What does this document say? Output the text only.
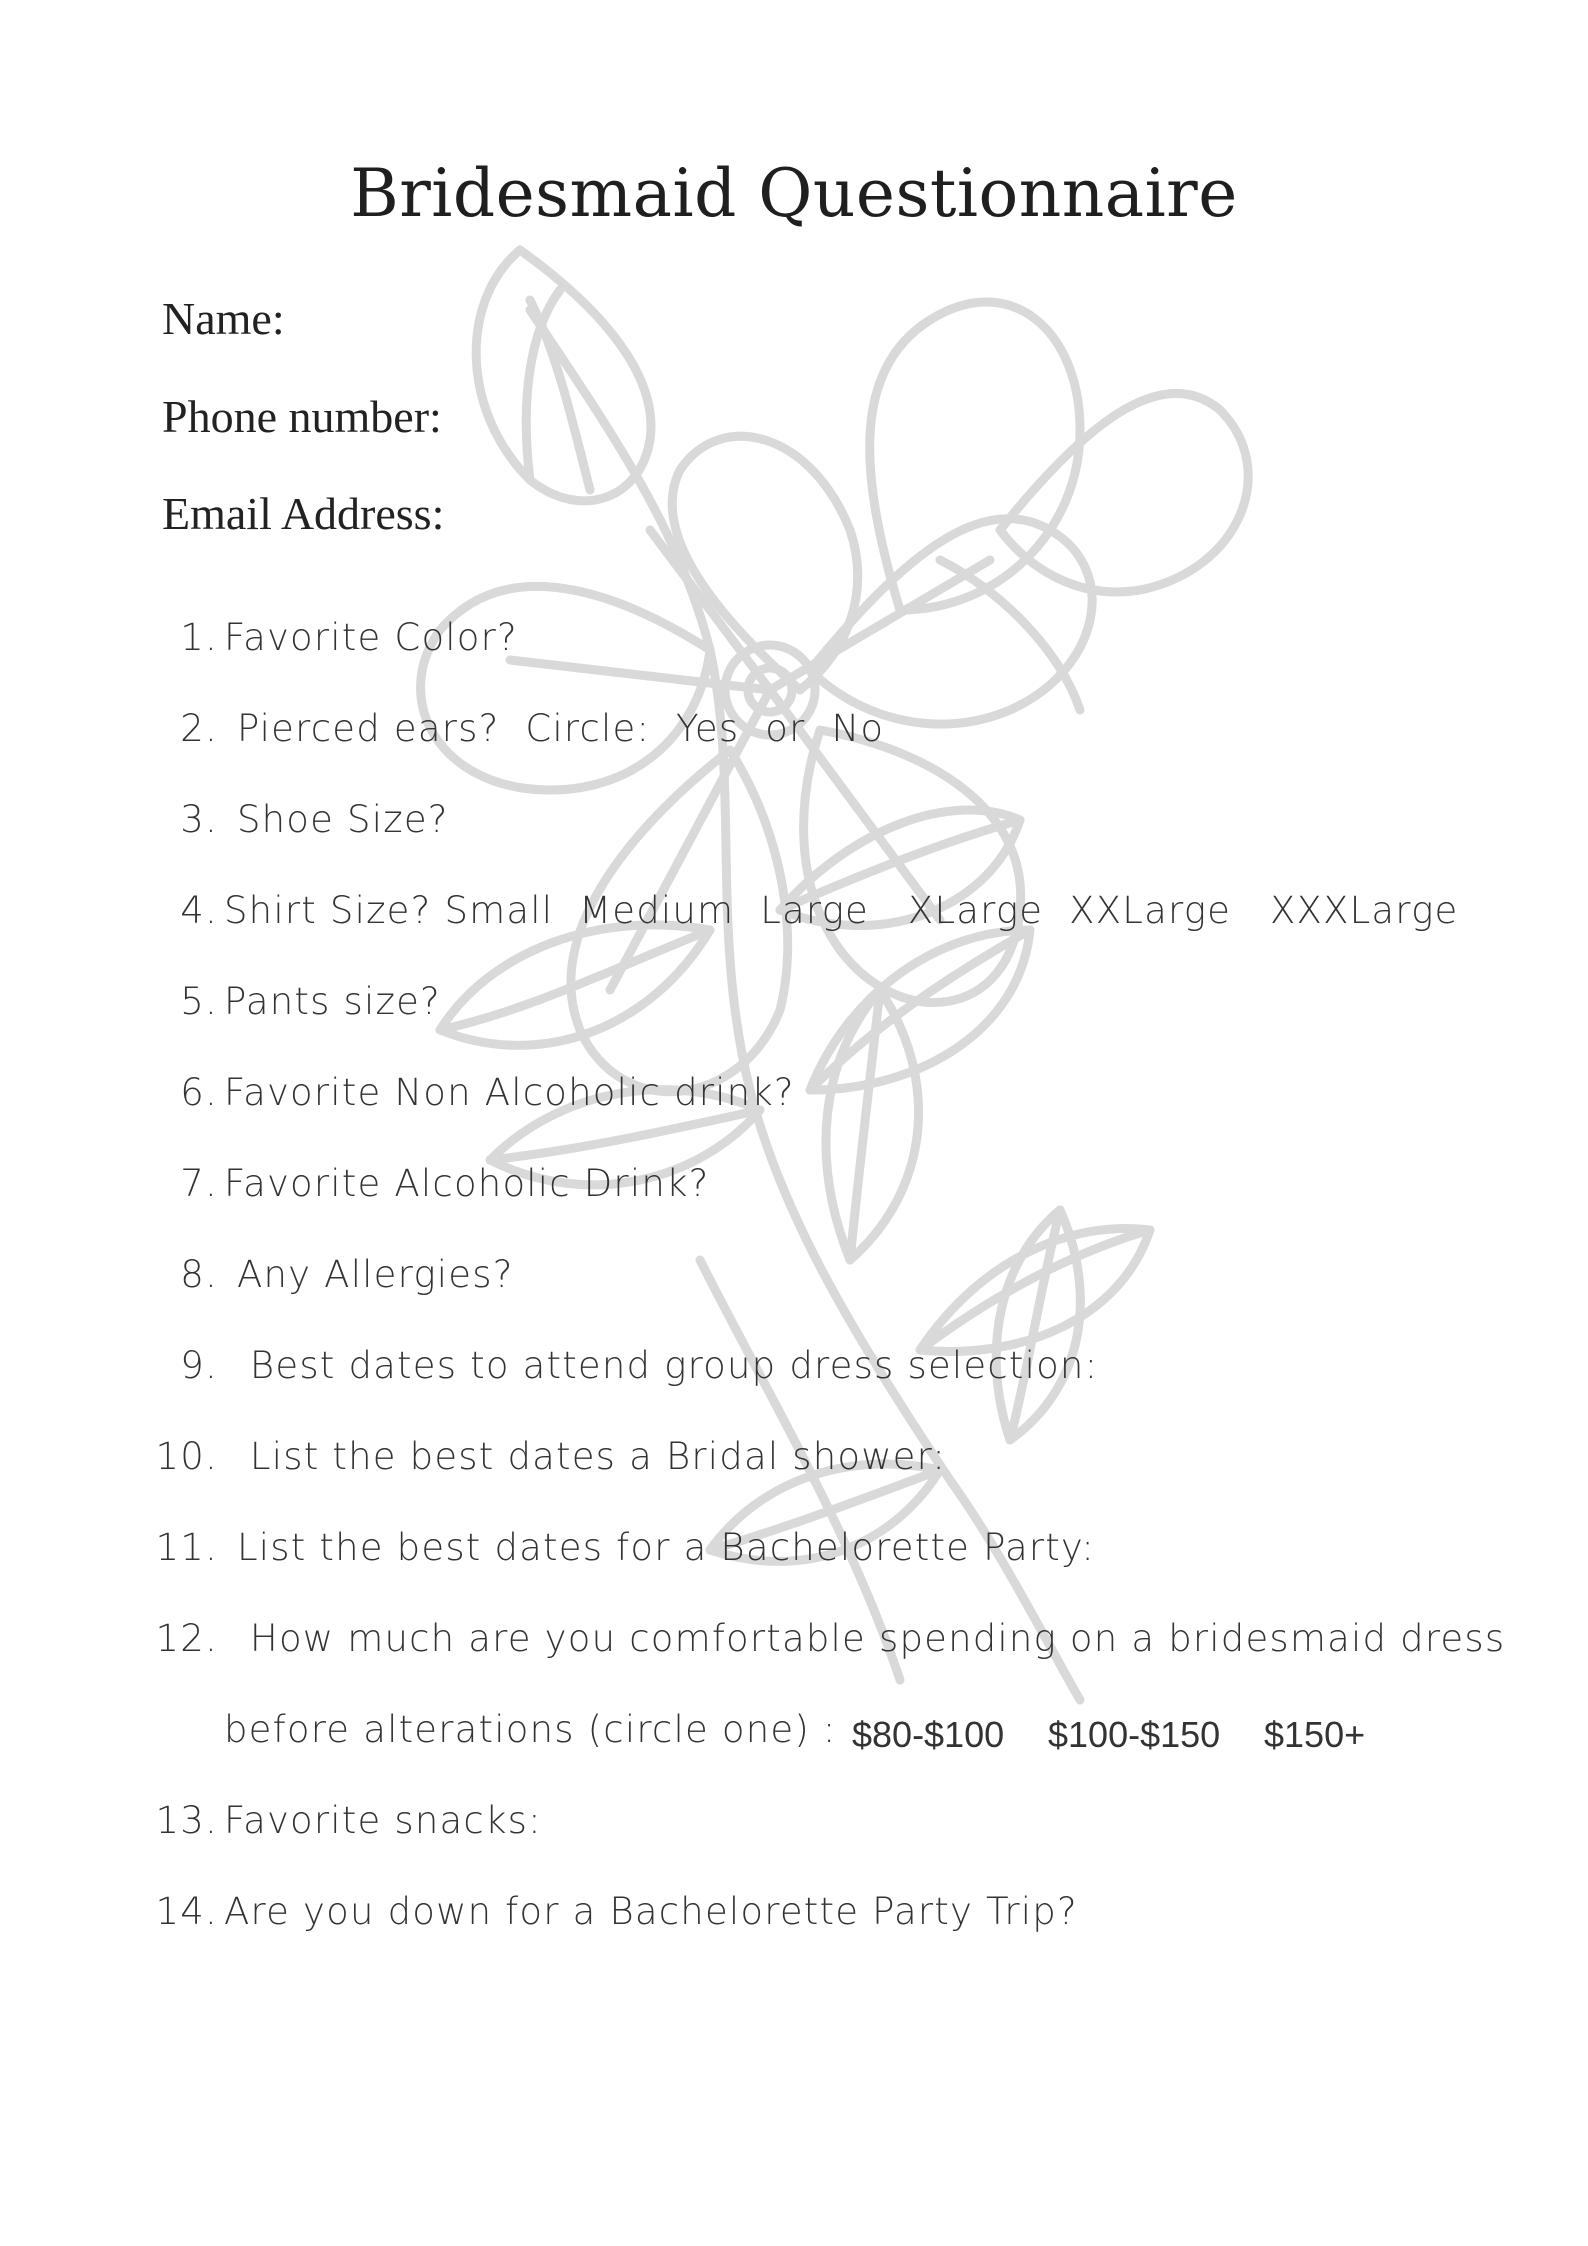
Bridesmaid Questionnaire
Name:
Phone number:
Email Address:
1. Favorite Color?
2. Pierced ears?  Circle:  Yes  or  No
3. Shoe Size?
4. Shirt Size? Small  Medium  Large   XLarge  XXLarge   XXXLarge
5. Pants size?
6. Favorite Non Alcoholic drink?
7. Favorite Alcoholic Drink?
8. Any Allergies?
9. Best dates to attend group dress selection:
10. List the best dates a Bridal shower:
11. List the best dates for a Bachelorette Party:
12. How much are you comfortable spending on a bridesmaid dress
before alterations (circle one) : $80-$100 $100-$150 $150+
13. Favorite snacks:
14. Are you down for a Bachelorette Party Trip?
